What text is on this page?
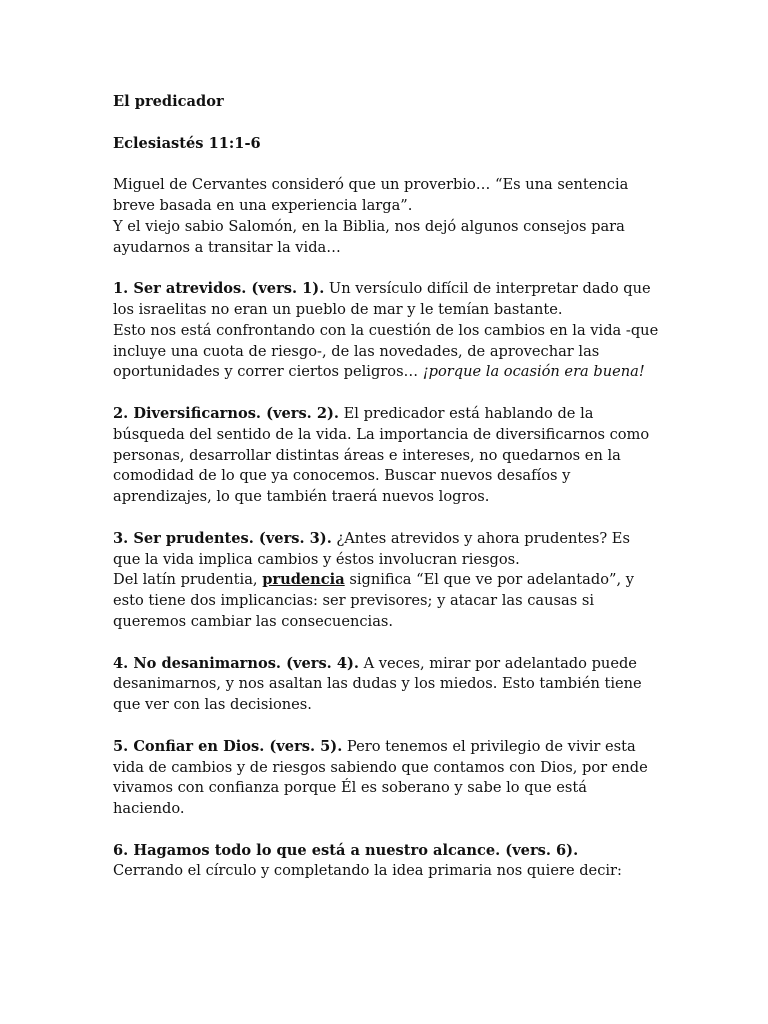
El predicador

Eclesiastés 11:1-6

Miguel de Cervantes consideró que un proverbio… “Es una sentencia breve basada en una experiencia larga”.
Y el viejo sabio Salomón, en la Biblia, nos dejó algunos consejos para ayudarnos a transitar la vida…

1. Ser atrevidos. (vers. 1). Un versículo difícil de interpretar dado que los israelitas no eran un pueblo de mar y le temían bastante.
Esto nos está confrontando con la cuestión de los cambios en la vida -que incluye una cuota de riesgo-, de las novedades, de aprovechar las oportunidades y correr ciertos peligros… ¡porque la ocasión era buena!

2. Diversificarnos. (vers. 2). El predicador está hablando de la búsqueda del sentido de la vida. La importancia de diversificarnos como personas, desarrollar distintas áreas e intereses, no quedarnos en la comodidad de lo que ya conocemos. Buscar nuevos desafíos y aprendizajes, lo que también traerá nuevos logros.

3. Ser prudentes. (vers. 3). ¿Antes atrevidos y ahora prudentes? Es que la vida implica cambios y éstos involucran riesgos.
Del latín prudentia, prudencia significa “El que ve por adelantado”, y esto tiene dos implicancias: ser previsores; y atacar las causas si queremos cambiar las consecuencias.

4. No desanimarnos. (vers. 4). A veces, mirar por adelantado puede desanimarnos, y nos asaltan las dudas y los miedos. Esto también tiene que ver con las decisiones.

5. Confiar en Dios. (vers. 5). Pero tenemos el privilegio de vivir esta vida de cambios y de riesgos sabiendo que contamos con Dios, por ende vivamos con confianza porque Él es soberano y sabe lo que está haciendo.

6. Hagamos todo lo que está a nuestro alcance. (vers. 6).
Cerrando el círculo y completando la idea primaria nos quiere decir:
